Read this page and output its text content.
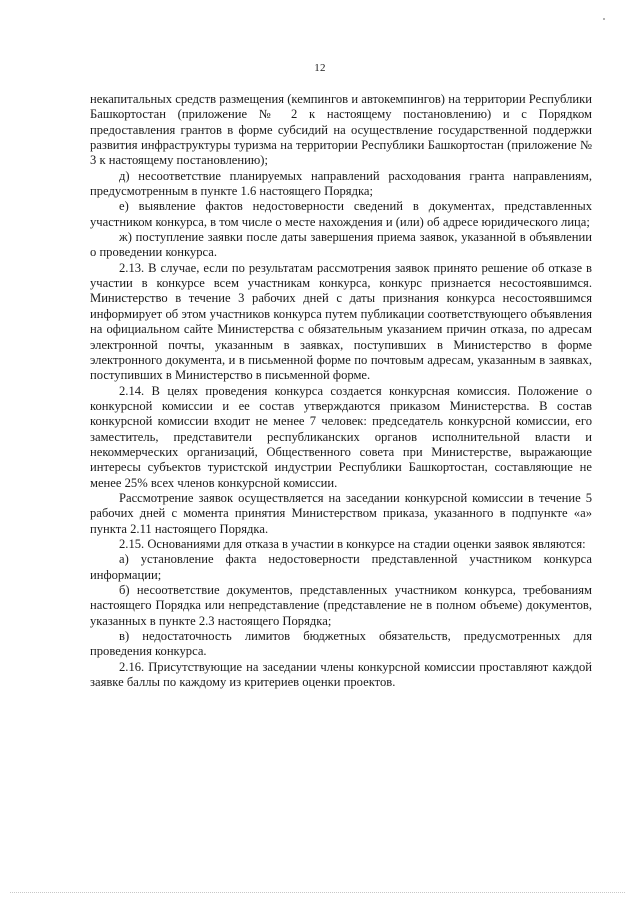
12

некапитальных средств размещения (кемпингов и автокемпингов) на территории Республики Башкортостан (приложение № 2 к настоящему постановлению) и с Порядком предоставления грантов в форме субсидий на осуществление государственной поддержки развития инфраструктуры туризма на территории Республики Башкортостан (приложение № 3 к настоящему постановлению);

д) несоответствие планируемых направлений расходования гранта направлениям, предусмотренным в пункте 1.6 настоящего Порядка;

е) выявление фактов недостоверности сведений в документах, представленных участником конкурса, в том числе о месте нахождения и (или) об адресе юридического лица;

ж) поступление заявки после даты завершения приема заявок, указанной в объявлении о проведении конкурса.

2.13. В случае, если по результатам рассмотрения заявок принято решение об отказе в участии в конкурсе всем участникам конкурса, конкурс признается несостоявшимся. Министерство в течение 3 рабочих дней с даты признания конкурса несостоявшимся информирует об этом участников конкурса путем публикации соответствующего объявления на официальном сайте Министерства с обязательным указанием причин отказа, по адресам электронной почты, указанным в заявках, поступивших в Министерство в форме электронного документа, и в письменной форме по почтовым адресам, указанным в заявках, поступивших в Министерство в письменной форме.

2.14. В целях проведения конкурса создается конкурсная комиссия. Положение о конкурсной комиссии и ее состав утверждаются приказом Министерства. В состав конкурсной комиссии входит не менее 7 человек: председатель конкурсной комиссии, его заместитель, представители республиканских органов исполнительной власти и некоммерческих организаций, Общественного совета при Министерстве, выражающие интересы субъектов туристской индустрии Республики Башкортостан, составляющие не менее 25% всех членов конкурсной комиссии.

Рассмотрение заявок осуществляется на заседании конкурсной комиссии в течение 5 рабочих дней с момента принятия Министерством приказа, указанного в подпункте «а» пункта 2.11 настоящего Порядка.

2.15. Основаниями для отказа в участии в конкурсе на стадии оценки заявок являются:

а) установление факта недостоверности представленной участником конкурса информации;

б) несоответствие документов, представленных участником конкурса, требованиям настоящего Порядка или непредставление (представление не в полном объеме) документов, указанных в пункте 2.3 настоящего Порядка;

в) недостаточность лимитов бюджетных обязательств, предусмотренных для проведения конкурса.

2.16. Присутствующие на заседании члены конкурсной комиссии проставляют каждой заявке баллы по каждому из критериев оценки проектов.
